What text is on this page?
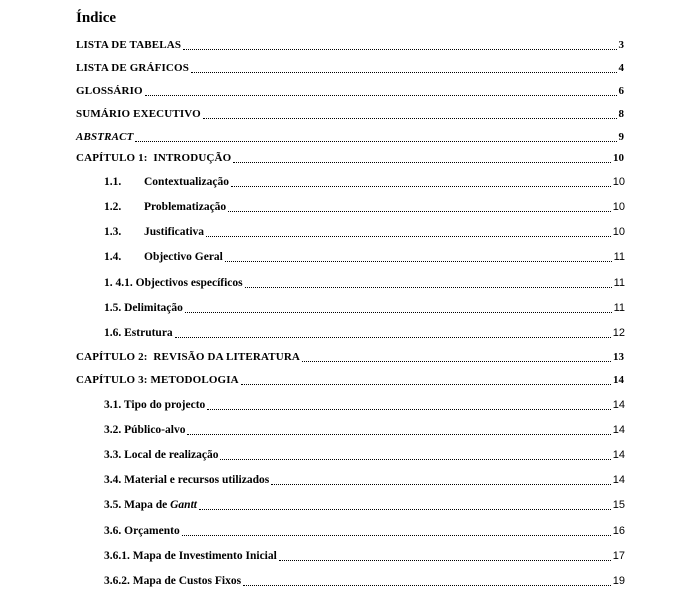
Índice
LISTA DE TABELAS	3
LISTA DE GRÁFICOS	4
GLOSSÁRIO	6
SUMÁRIO EXECUTIVO	8
ABSTRACT	9
CAPÍTULO 1:  INTRODUÇÃO	10
1.1.	Contextualização	10
1.2.	Problematização	10
1.3.	Justificativa	10
1.4.	Objectivo Geral	11
1. 4.1. Objectivos específicos	11
1.5. Delimitação	11
1.6. Estrutura	12
CAPÍTULO 2:  REVISÃO DA LITERATURA	13
CAPÍTULO 3: METODOLOGIA	14
3.1. Tipo do projecto	14
3.2. Público-alvo	14
3.3. Local de realização	14
3.4. Material e recursos utilizados	14
3.5. Mapa de Gantt	15
3.6. Orçamento	16
3.6.1. Mapa de Investimento Inicial	17
3.6.2. Mapa de Custos Fixos	19
